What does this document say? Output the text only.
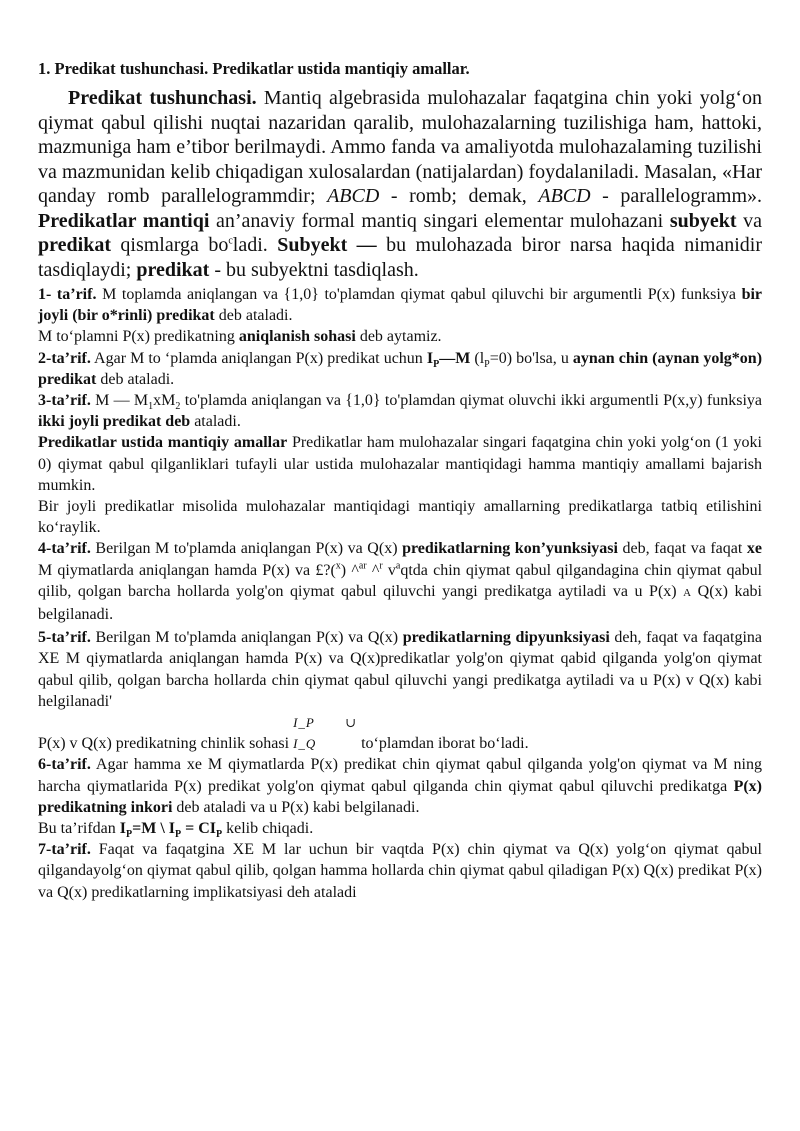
1. Predikat tushunchasi. Predikatlar ustida mantiqiy amallar.

Predikat tushunchasi. Mantiq algebrasida mulohazalar faqatgina chin yoki yolg‘on qiymat qabul qilishi nuqtai nazaridan qaralib, mulohazalarning tuzilishiga ham, hattoki, mazmuniga ham e’tibor berilmaydi. Ammo fanda va amaliyotda mulohazalaming tuzilishi va mazmunidan kelib chiqadigan xulosalardan (natijalardan) foydalaniladi. Masalan, «Har qanday romb parallelogrammdir; ABCD - romb; demak, ABCD - parallelogramm». Predikatlar mantiqi an’anaviy formal mantiq singari elementar mulohazani subyekt va predikat qismlarga $bo^cladi$. Subyekt — bu mulohazada biror narsa haqida nimanidir tasdiqlaydi; predikat - bu subyektni tasdiqlash.

1- ta’rif. M toplamda aniqlangan va {1,0} to'plamdan qiymat qabul qiluvchi bir argumentli P(x) funksiya bir joyli (bir o*rinli) predikat deb ataladi.

M to‘plamni P(x) predikatning aniqlanish sohasi deb aytamiz.

2-ta’rif. Agar M to ‘plamda aniqlangan P(x) predikat uchun $I_P—M$ $(l_P=0)$ bo'lsa, u aynan chin (aynan yolg*on) predikat deb ataladi.

3-ta’rif. M — $M_1xM_2$ to'plamda aniqlangan va {1,0} to'plamdan qiymat oluvchi ikki argumentli P(x,y) funksiya ikki joyli predikat deb ataladi.

Predikatlar ustida mantiqiy amallar Predikatlar ham mulohazalar singari faqatgina chin yoki yolg‘on (1 yoki 0) qiymat qabul qilganliklari tufayli ular ustida mulohazalar mantiqidagi hamma mantiqiy amallami bajarish mumkin.

Bir joyli predikatlar misolida mulohazalar mantiqidagi mantiqiy amallarning predikatlarga tatbiq etilishini ko‘raylik.

4-ta’rif. Berilgan M to'plamda aniqlangan P(x) va Q(x) predikatlarning kon’yunksiyasi deb, faqat va faqat xe M qiymatlarda aniqlangan hamda P(x) va £?($^x$) ^$^{ar}$ ^$^r$ $v^aqtda$ chin qiymat qabul qilgandagina chin qiymat qabul qilib, qolgan barcha hollarda yolg'on qiymat qabul qiluvchi yangi predikatga aytiladi va u P(x) A Q(x) kabi belgilanadi.

5-ta’rif. Berilgan M to'plamda aniqlangan P(x) va Q(x) predikatlarning dipyunksiyasi deh, faqat va faqatgina XE M qiymatlarda aniqlangan hamda P(x) va Q(x)predikatlar yolg'on qiymat qabid qilganda yolg'on qiymat qabul qilib, qolgan barcha hollarda chin qiymat qabul qiluvchi yangi predikatga aytiladi va u P(x) v Q(x) kabi helgilanadi'

P(x) v Q(x) predikatning chinlik sohasi I_P ∪ I_Q	to‘plamdan iborat bo‘ladi.

6-ta’rif. Agar hamma xe M qiymatlarda P(x) predikat chin qiymat qabul qilganda yolg'on qiymat va M ning harcha qiymatlarida P(x) predikat yolg'on qiymat qabul qilganda chin qiymat qabul qiluvchi predikatga P(x) predikatning inkori deb ataladi va u P(x) kabi belgilanadi.

Bu ta’rifdan $I_P=M$ \ $I_P = CI_P$ kelib chiqadi.

7-ta’rif. Faqat va faqatgina XE M lar uchun bir vaqtda P(x) chin qiymat va Q(x) yolg‘on qiymat qabul qilgandayolg‘on qiymat qabul qilib, qolgan hamma hollarda chin qiymat qabul qiladigan P(x) Q(x) predikat P(x) va Q(x) predikatlarning implikatsiyasi deh ataladi
